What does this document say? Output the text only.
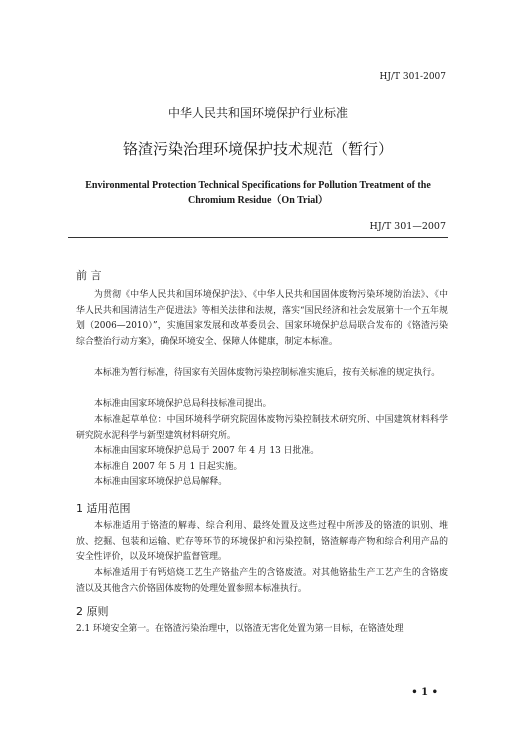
HJ/T 301-2007
中华人民共和国环境保护行业标准
铬渣污染治理环境保护技术规范（暂行）
Environmental Protection Technical Specifications for Pollution Treatment of the Chromium Residue（On Trial）
HJ/T 301—2007
前 言
为贯彻《中华人民共和国环境保护法》、《中华人民共和国固体废物污染环境防治法》、《中华人民共和国清洁生产促进法》等相关法律和法规，落实“国民经济和社会发展第十一个五年规划（2006—2010）”，实施国家发展和改革委员会、国家环境保护总局联合发布的《铬渣污染综合整治行动方案》，确保环境安全、保障人体健康，制定本标准。
本标准为暂行标准，待国家有关固体废物污染控制标准实施后，按有关标准的规定执行。
本标准由国家环境保护总局科技标准司提出。
本标准起草单位：中国环境科学研究院固体废物污染控制技术研究所、中国建筑材料科学研究院水泥科学与新型建筑材料研究所。
本标准由国家环境保护总局于 2007 年 4 月 13 日批准。
本标准自 2007 年 5 月 1 日起实施。
本标准由国家环境保护总局解释。
1 适用范围
本标准适用于铬渣的解毒、综合利用、最终处置及这些过程中所涉及的铬渣的识别、堆放、挖掘、包装和运输、贮存等环节的环境保护和污染控制，铬渣解毒产物和综合利用产品的安全性评价，以及环境保护监督管理。
本标准适用于有钙焙烧工艺生产铬盐产生的含铬废渣。对其他铬盐生产工艺产生的含铬废渣以及其他含六价铬固体废物的处理处置参照本标准执行。
2 原则
2.1 环境安全第一。在铬渣污染治理中，以铬渣无害化处置为第一目标，在铬渣处理
• 1 •
